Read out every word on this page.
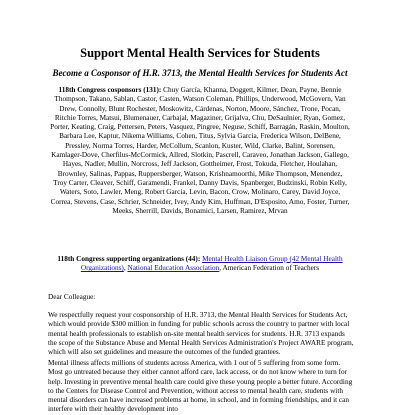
Support Mental Health Services for Students
Become a Cosponsor of H.R. 3713, the Mental Health Services for Students Act
118th Congress cosponsors (131): Chuy García, Khanna, Doggett, Kilmer, Dean, Payne, Bennie Thompson, Takano, Sablan, Castor, Casten, Watson Coleman, Phillips, Underwood, McGovern, Van Drew, Connolly, Blunt Rochester, Moskowitz, Cárdenas, Norton, Moore, Sánchez, Trone, Pocan, Ritchie Torres, Matsui, Blumenauer, Carbajal, Magaziner, Grijalva, Chu, DeSaulnier, Ryan, Gomez, Porter, Keating, Craig, Pettersen, Peters, Vasquez, Pingree, Neguse, Schiff, Barragán, Raskin, Moulton, Barbara Lee, Kaptur, Nikema Williams, Cohen, Titus, Sylvia Garcia, Frederica Wilson, DelBene, Pressley, Norma Torres, Harder, McCollum, Scanlon, Kuster, Wild, Clarke, Balint, Sorensen, Kamlager-Dove, Cherfilus-McCormick, Allred, Slotkin, Pascrell, Caraveo, Jonathan Jackson, Gallego, Hayes, Nadler, Mullin, Norcross, Jeff Jackson, Gottheimer, Frost, Tokuda, Fletcher, Houlahan, Brownley, Salinas, Pappas, Ruppersberger, Watson, Krishnamoorthi, Mike Thompson, Menendez, Troy Carter, Cleaver, Schiff, Garamendi, Frankel, Danny Davis, Spanberger, Budzinski, Robin Kelly, Waters, Soto, Lawler, Meng, Robert Garcia, Levin, Bacon, Crow, Molinaro, Carey, David Joyce, Correa, Stevens, Case, Schrier, Schneider, Ivey, Andy Kim, Huffman, D'Esposito, Amo, Foster, Turner, Meeks, Sherrill, Davids, Bonamici, Larsen, Ramirez, Mrvan
118th Congress supporting organizations (44): Mental Health Liaison Group (42 Mental Health Organizations), National Education Association, American Federation of Teachers
Dear Colleague:
We respectfully request your cosponsorship of H.R. 3713, the Mental Health Services for Students Act, which would provide $300 million in funding for public schools across the country to partner with local mental health professionals to establish on-site mental health services for students. H.R. 3713 expands the scope of the Substance Abuse and Mental Health Services Administration's Project AWARE program, which will also set guidelines and measure the outcomes of the funded grantees.
Mental illness affects millions of students across America, with 1 out of 5 suffering from some form. Most go untreated because they either cannot afford care, lack access, or do not know where to turn for help. Investing in preventive mental health care could give these young people a better future. According to the Centers for Disease Control and Prevention, without access to mental health care, students with mental disorders can have increased problems at home, in school, and in forming friendships, and it can interfere with their healthy development into
